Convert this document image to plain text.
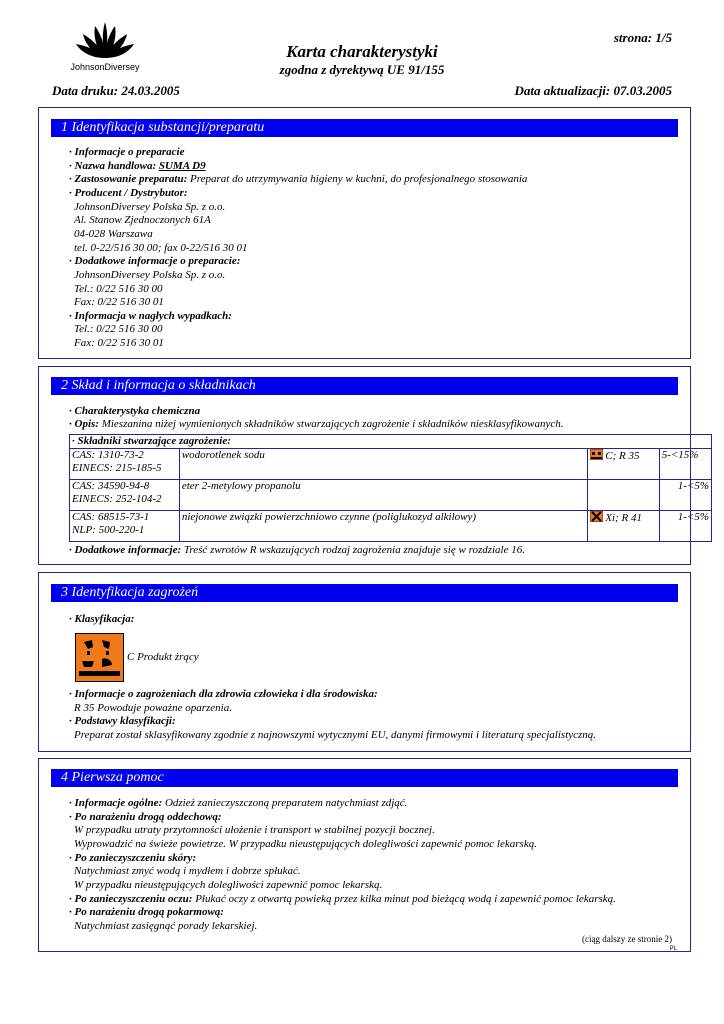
JohnsonDiversey
strona: 1/5
Karta charakterystyki
zgodna z dyrektywą UE 91/155
Data druku: 24.03.2005	Data aktualizacji: 07.03.2005
1 Identyfikacja substancji/preparatu
· Informacje o preparacie
· Nazwa handlowa: SUMA D9
· Zastosowanie preparatu: Preparat do utrzymywania higieny w kuchni, do profesjonalnego stosowania
· Producent / Dystrybutor:
JohnsonDiversey Polska Sp. z o.o.
Al. Stanow Zjednoczonych 61A
04-028 Warszawa
tel. 0-22/516 30 00; fax 0-22/516 30 01
· Dodatkowe informacje o preparacie:
JohnsonDiversey Polska Sp. z o.o.
Tel.: 0/22 516 30 00
Fax: 0/22 516 30 01
· Informacja w nagłych wypadkach:
Tel.: 0/22 516 30 00
Fax: 0/22 516 30 01
2 Skład i informacja o składnikach
· Charakterystyka chemiczna
· Opis: Mieszanina niżej wymienionych składników stwarzających zagrożenie i składników niesklasyfikowanych.
· Składniki stwarzające zagrożenie:			
CAS: 1310-73-2
EINECS: 215-185-5	wodorotlenek sodu	C; R 35	5-<15%
CAS: 34590-94-8
EINECS: 252-104-2	eter 2-metylowy propanolu		1-<5%
CAS: 68515-73-1
NLP: 500-220-1	niejonowe związki powierzchniowo czynne (poliglukozyd alkilowy)	Xi; R 41	1-<5%
· Dodatkowe informacje: Treść zwrotów R wskazujących rodzaj zagrożenia znajduje się w rozdziale 16.
3 Identyfikacja zagrożeń
· Klasyfikacja:
C Produkt żrący
· Informacje o zagrożeniach dla zdrowia człowieka i dla środowiska:
R 35 Powoduje poważne oparzenia.
· Podstawy klasyfikacji:
Preparat został sklasyfikowany zgodnie z najnowszymi wytycznymi EU, danymi firmowymi i literaturą specjalistyczną.
4 Pierwsza pomoc
· Informacje ogólne: Odzież zanieczyszczoną preparatem natychmiast zdjąć.
· Po narażeniu drogą oddechową:
W przypadku utraty przytomności ułożenie i transport w stabilnej pozycji bocznej.
Wyprowadzić na świeże powietrze. W przypadku nieustępujących dolegliwości zapewnić pomoc lekarską.
· Po zanieczyszczeniu skóry:
Natychmiast zmyć wodą i mydłem i dobrze spłukać.
W przypadku nieustępujących dolegliwości zapewnić pomoc lekarską.
· Po zanieczyszczeniu oczu: Płukać oczy z otwartą powieką przez kilka minut pod bieżącą wodą i zapewnić pomoc lekarską.
· Po narażeniu drogą pokarmową:
Natychmiast zasięgnąć porady lekarskiej.
(ciąg dalszy ze stronie 2)
PL
